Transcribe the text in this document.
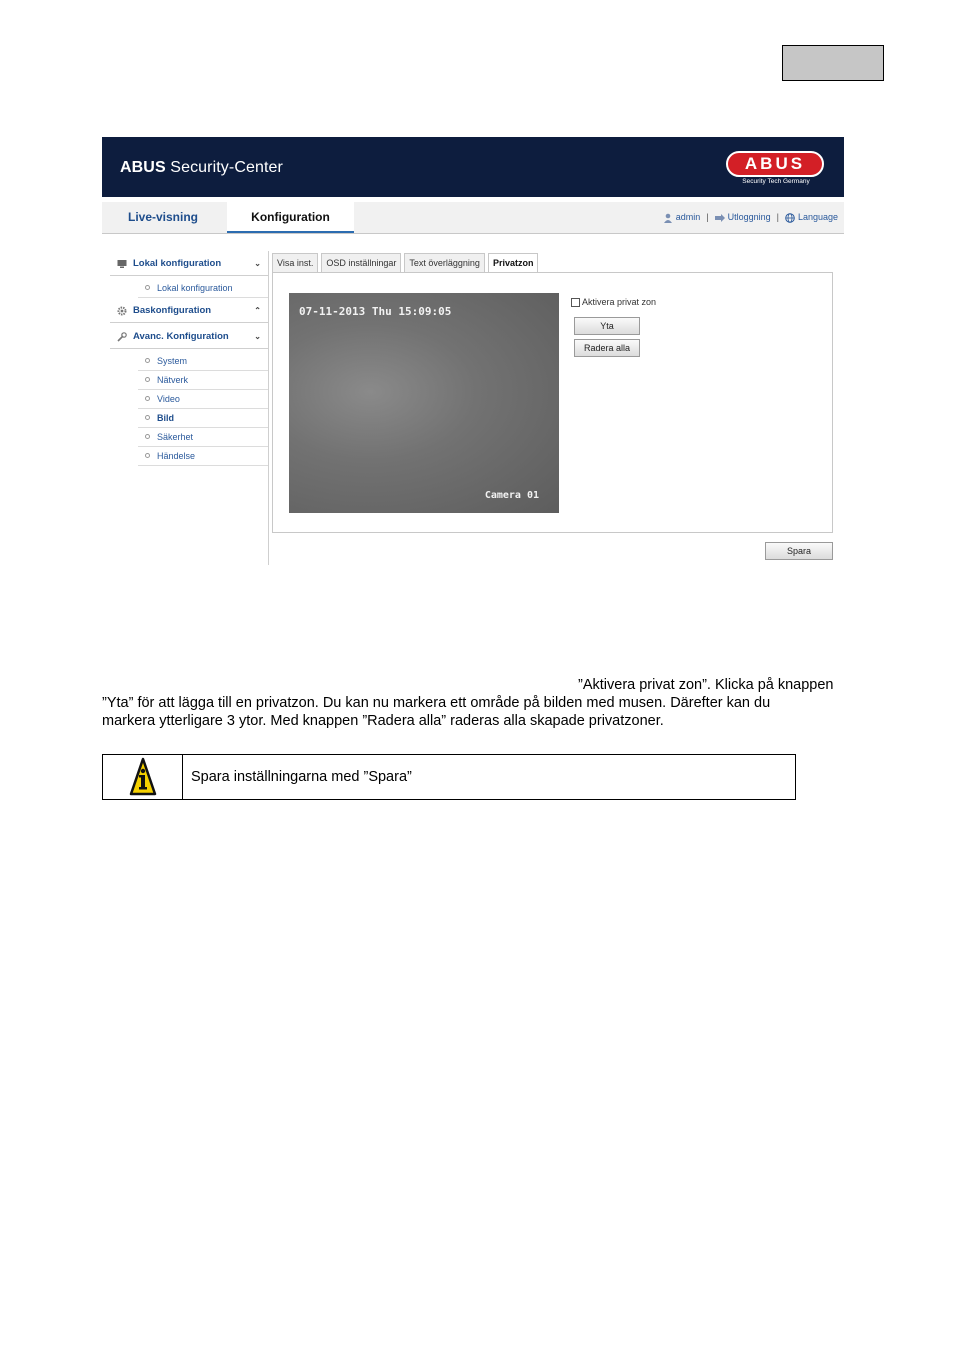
ABUS Security-Center	ABUS
Security Tech Germany
Live-visning	Konfiguration	admin |	Utloggning |	Language
Lokal konfiguration	⌄
Lokal konfiguration
Baskonfiguration	⌃
Avanc. Konfiguration	⌄
System
Nätverk
Video
Bild
Säkerhet
Händelse
Visa inst.	OSD inställningar	Text överläggning	Privatzon
07-11-2013 Thu 15:09:05
Camera 01
Aktivera privat zon
Yta
Radera alla
Spara

”Aktivera privat zon”. Klicka på knappen

”Yta” för att lägga till en privatzon. Du kan nu markera ett område på bilden med musen. Därefter kan du

markera ytterligare 3 ytor. Med knappen ”Radera alla” raderas alla skapade privatzoner.

Spara inställningarna med ”Spara”
